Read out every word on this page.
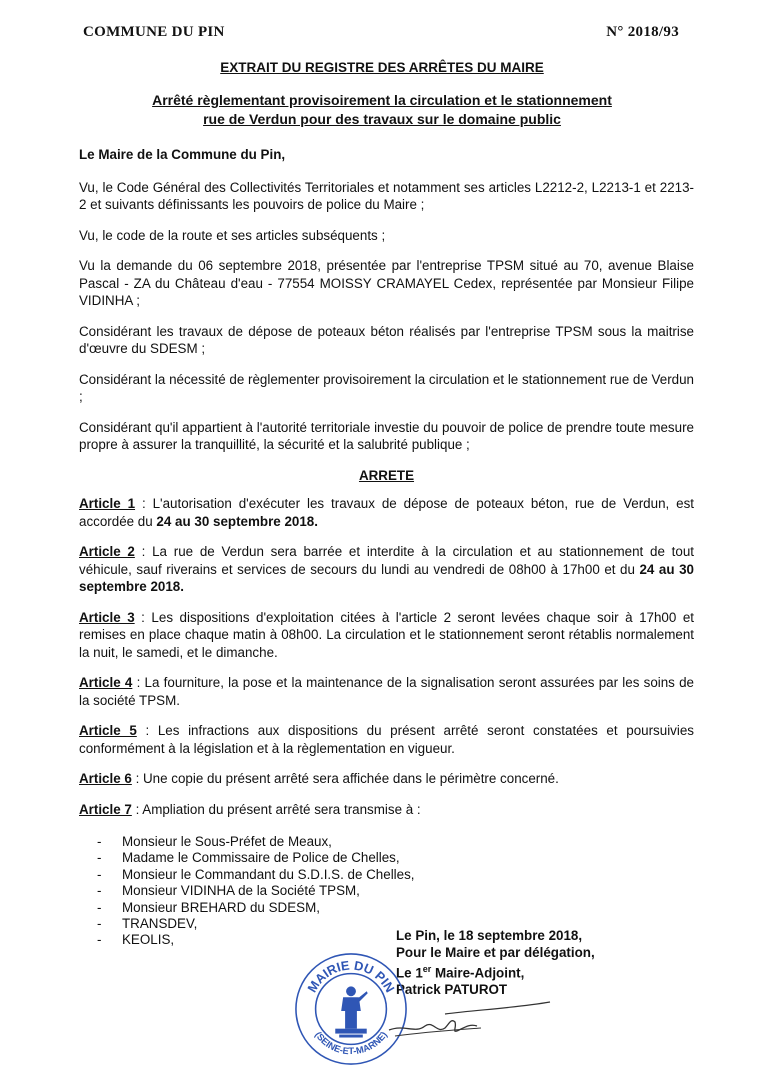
COMMUNE DU PIN	N° 2018/93
EXTRAIT DU REGISTRE DES ARRÊTES DU MAIRE
Arrêté règlementant provisoirement la circulation et le stationnement
rue de Verdun pour des travaux sur le domaine public

Le Maire de la Commune du Pin,

Vu, le Code Général des Collectivités Territoriales et notamment ses articles L2212-2, L2213-1 et 2213-2 et suivants définissants les pouvoirs de police du Maire ;

Vu, le code de la route et ses articles subséquents ;

Vu la demande du 06 septembre 2018, présentée par l'entreprise TPSM situé au 70, avenue Blaise Pascal - ZA du Château d'eau - 77554 MOISSY CRAMAYEL Cedex, représentée par Monsieur Filipe VIDINHA ;

Considérant les travaux de dépose de poteaux béton réalisés par l'entreprise TPSM sous la maitrise d'œuvre du SDESM ;

Considérant la nécessité de règlementer provisoirement la circulation et le stationnement rue de Verdun ;

Considérant qu'il appartient à l'autorité territoriale investie du pouvoir de police de prendre toute mesure propre à assurer la tranquillité, la sécurité et la salubrité publique ;

ARRETE

Article 1 : L'autorisation d'exécuter les travaux de dépose de poteaux béton, rue de Verdun, est accordée du 24 au 30 septembre 2018.

Article 2 : La rue de Verdun sera barrée et interdite à la circulation et au stationnement de tout véhicule, sauf riverains et services de secours du lundi au vendredi de 08h00 à 17h00 et du 24 au 30 septembre 2018.

Article 3 : Les dispositions d'exploitation citées à l'article 2 seront levées chaque soir à 17h00 et remises en place chaque matin à 08h00. La circulation et le stationnement seront rétablis normalement la nuit, le samedi, et le dimanche.

Article 4 : La fourniture, la pose et la maintenance de la signalisation seront assurées par les soins de la société TPSM.

Article 5 : Les infractions aux dispositions du présent arrêté seront constatées et poursuivies conformément à la législation et à la règlementation en vigueur.

Article 6 : Une copie du présent arrêté sera affichée dans le périmètre concerné.

Article 7 : Ampliation du présent arrêté sera transmise à :

- Monsieur le Sous-Préfet de Meaux,
- Madame le Commissaire de Police de Chelles,
- Monsieur le Commandant du S.D.I.S. de Chelles,
- Monsieur VIDINHA de la Société TPSM,
- Monsieur BREHARD du SDESM,
- TRANSDEV,
- KEOLIS,	Le Pin, le 18 septembre 2018,
Pour le Maire et par délégation,
Le 1er Maire-Adjoint,
Patrick PATUROT
MAIRIE DU PIN
(SEINE-ET-MARNE)
